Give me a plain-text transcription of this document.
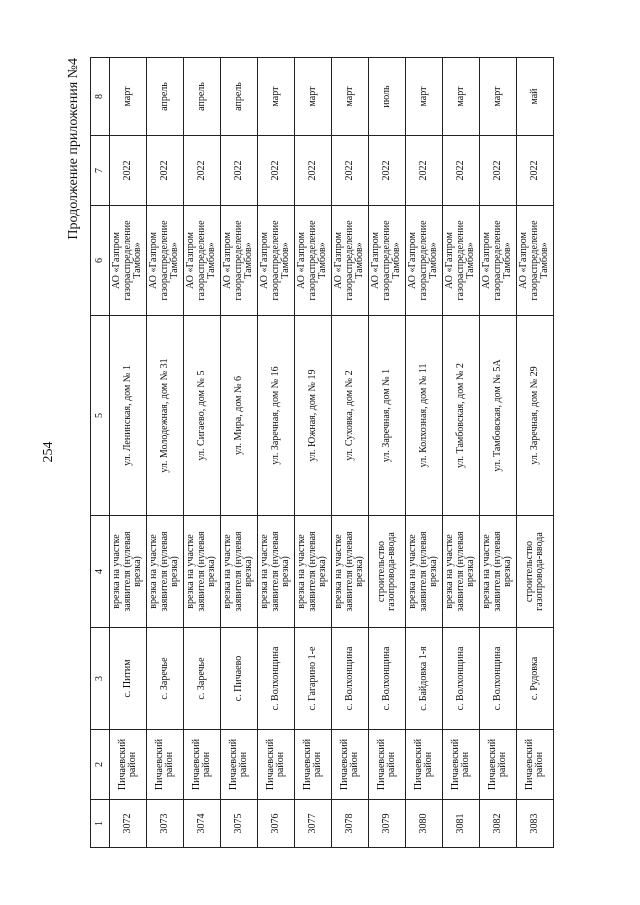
254
Продолжение приложения №4
1	2	3	4	5	6	7	8
3072	Пичаевский район	с. Питим	врезка на участке заявителя (нулевая врезка)	ул. Ленинская, дом № 1	АО «Газпром газораспределение Тамбов»	2022	март
3073	Пичаевский район	с. Заречье	врезка на участке заявителя (нулевая врезка)	ул. Молодежная, дом № 31	АО «Газпром газораспределение Тамбов»	2022	апрель
3074	Пичаевский район	с. Заречье	врезка на участке заявителя (нулевая врезка)	ул. Сигаево, дом № 5	АО «Газпром газораспределение Тамбов»	2022	апрель
3075	Пичаевский район	с. Пичаево	врезка на участке заявителя (нулевая врезка)	ул. Мира, дом № 6	АО «Газпром газораспределение Тамбов»	2022	апрель
3076	Пичаевский район	с. Волхонщина	врезка на участке заявителя (нулевая врезка)	ул. Заречная, дом № 16	АО «Газпром газораспределение Тамбов»	2022	март
3077	Пичаевский район	с. Гагарино 1-е	врезка на участке заявителя (нулевая врезка)	ул. Южная, дом № 19	АО «Газпром газораспределение Тамбов»	2022	март
3078	Пичаевский район	с. Волхонщина	врезка на участке заявителя (нулевая врезка)	ул. Суховка, дом № 2	АО «Газпром газораспределение Тамбов»	2022	март
3079	Пичаевский район	с. Волхонщина	строительство газопровода-ввода	ул. Заречная, дом № 1	АО «Газпром газораспределение Тамбов»	2022	июль
3080	Пичаевский район	с. Байдовка 1-я	врезка на участке заявителя (нулевая врезка)	ул. Колхозная, дом № 11	АО «Газпром газораспределение Тамбов»	2022	март
3081	Пичаевский район	с. Волхонщина	врезка на участке заявителя (нулевая врезка)	ул. Тамбовская, дом № 2	АО «Газпром газораспределение Тамбов»	2022	март
3082	Пичаевский район	с. Волхонщина	врезка на участке заявителя (нулевая врезка)	ул. Тамбовская, дом № 5А	АО «Газпром газораспределение Тамбов»	2022	март
3083	Пичаевский район	с. Рудовка	строительство газопровода-ввода	ул. Заречная, дом № 29	АО «Газпром газораспределение Тамбов»	2022	май
